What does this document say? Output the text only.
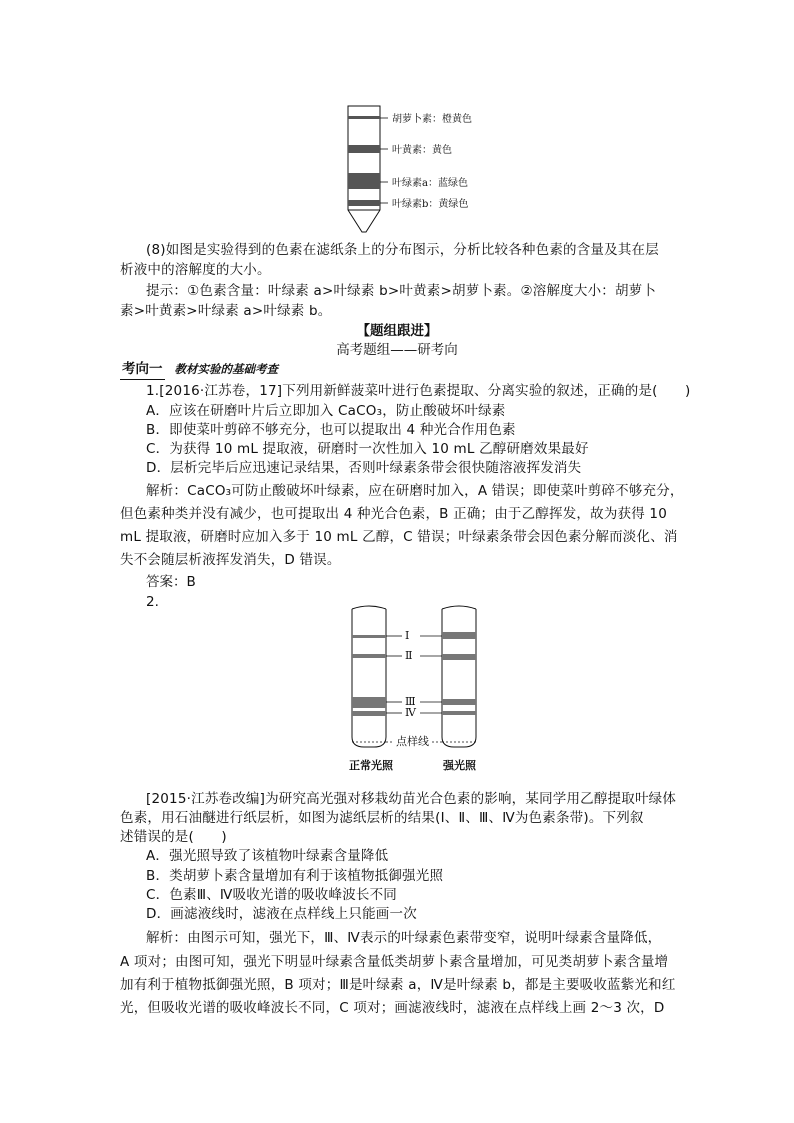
胡萝卜素：橙黄色
叶黄素：黄色
叶绿素a：蓝绿色
叶绿素b：黄绿色

(8)如图是实验得到的色素在滤纸条上的分布图示，分析比较各种色素的含量及其在层

析液中的溶解度的大小。

提示：①色素含量：叶绿素 a>叶绿素 b>叶黄素>胡萝卜素。②溶解度大小：胡萝卜

素>叶黄素>叶绿素 a>叶绿素 b。

【题组跟进】

高考题组——研考向

考向一 教材实验的基础考查

1.[2016·江苏卷，17]下列用新鲜菠菜叶进行色素提取、分离实验的叙述，正确的是(　　)

A．应该在研磨叶片后立即加入 CaCO₃，防止酸破坏叶绿素

B．即使菜叶剪碎不够充分，也可以提取出 4 种光合作用色素

C．为获得 10 mL 提取液，研磨时一次性加入 10 mL 乙醇研磨效果最好

D．层析完毕后应迅速记录结果，否则叶绿素条带会很快随溶液挥发消失

解析：CaCO₃可防止酸破坏叶绿素，应在研磨时加入，A 错误；即使菜叶剪碎不够充分，

但色素种类并没有减少，也可提取出 4 种光合色素，B 正确；由于乙醇挥发，故为获得 10

mL 提取液，研磨时应加入多于 10 mL 乙醇，C 错误；叶绿素条带会因色素分解而淡化、消

失不会随层析液挥发消失，D 错误。

答案：B

2.

Ⅰ
Ⅱ
Ⅲ
Ⅳ
点样线
正常光照	强光照

[2015·江苏卷改编]为研究高光强对移栽幼苗光合色素的影响，某同学用乙醇提取叶绿体

色素，用石油醚进行纸层析，如图为滤纸层析的结果(Ⅰ、Ⅱ、Ⅲ、Ⅳ为色素条带)。下列叙

述错误的是(　　)

A．强光照导致了该植物叶绿素含量降低

B．类胡萝卜素含量增加有利于该植物抵御强光照

C．色素Ⅲ、Ⅳ吸收光谱的吸收峰波长不同

D．画滤液线时，滤液在点样线上只能画一次

解析：由图示可知，强光下，Ⅲ、Ⅳ表示的叶绿素色素带变窄，说明叶绿素含量降低，

A 项对；由图可知，强光下明显叶绿素含量低类胡萝卜素含量增加，可见类胡萝卜素含量增

加有利于植物抵御强光照，B 项对；Ⅲ是叶绿素 a，Ⅳ是叶绿素 b，都是主要吸收蓝紫光和红

光，但吸收光谱的吸收峰波长不同，C 项对；画滤液线时，滤液在点样线上画 2～3 次，D
